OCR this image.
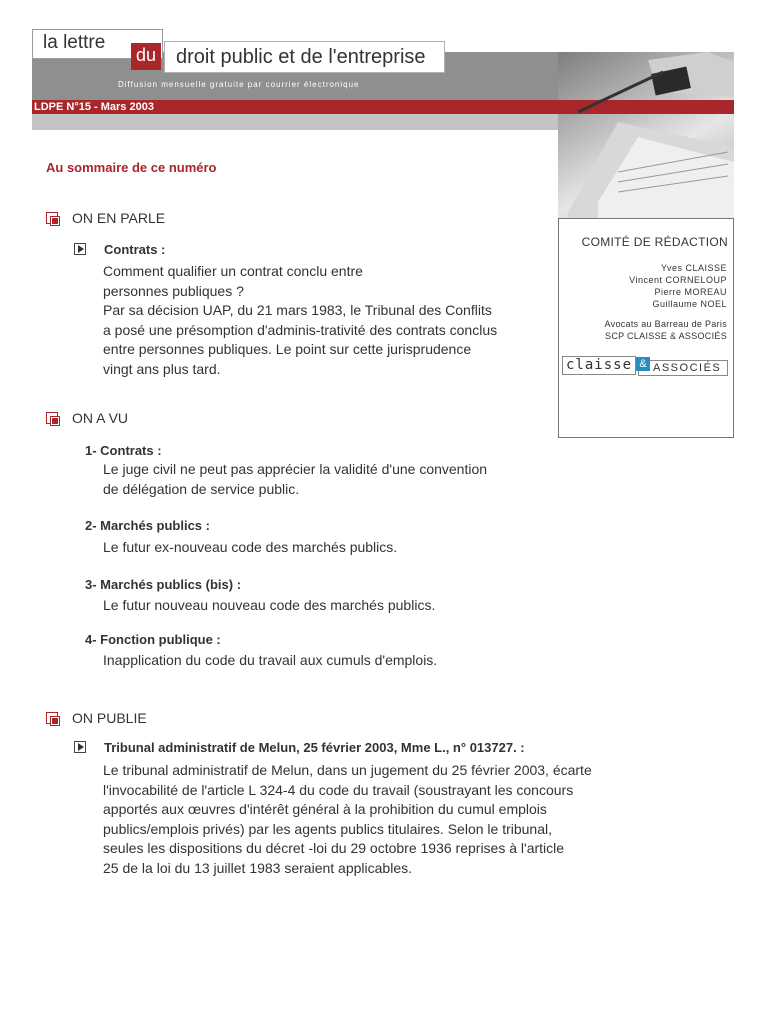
la lettre
du droit public et de l'entreprise
Diffusion mensuelle gratuite par courrier électronique
LDPE N°15 - Mars 2003
COMITÉ DE RÉDACTION
Yves CLAISSE
Vincent CORNELOUP
Pierre MOREAU
Guillaume NOEL
Avocats au Barreau de Paris
SCP CLAISSE & ASSOCIÉS
ASSOCIÉS
claisse &
Au sommaire de ce numéro
ON EN PARLE
Contrats :
Comment qualifier un contrat conclu entre
personnes publiques ?
Par sa décision UAP, du 21 mars 1983, le Tribunal des Conflits
a posé une présomption d'adminis-trativité des contrats conclus
entre personnes publiques. Le point sur cette jurisprudence
vingt ans plus tard.
ON A VU
1- Contrats :
Le juge civil ne peut pas apprécier la validité d'une convention
de délégation de service public.
2- Marchés publics :
Le futur ex-nouveau code des marchés publics.
3- Marchés publics (bis) :
Le futur nouveau nouveau code des marchés publics.
4- Fonction publique :
Inapplication du code du travail aux cumuls d'emplois.
ON PUBLIE
Tribunal administratif de Melun, 25 février 2003, Mme L., n° 013727. :
Le tribunal administratif de Melun, dans un jugement du 25 février 2003, écarte
l'invocabilité de l'article L 324-4 du code du travail (soustrayant les concours
apportés aux œuvres d'intérêt général à la prohibition du cumul emplois
publics/emplois privés) par les agents publics titulaires. Selon le tribunal,
seules les dispositions du décret -loi du 29 octobre 1936 reprises à l'article
25 de la loi du 13 juillet 1983 seraient applicables.
